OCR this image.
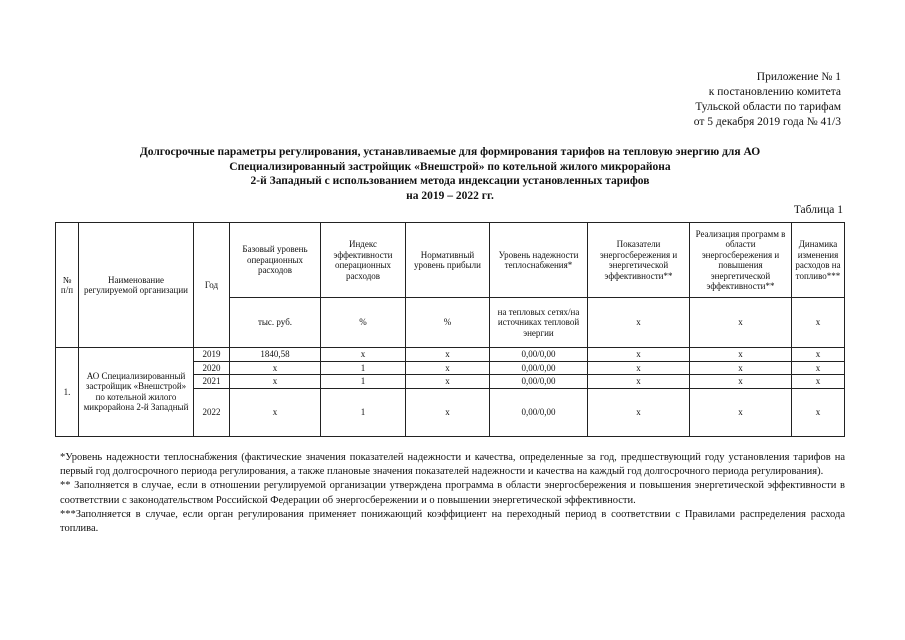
Приложение № 1
к постановлению комитета
Тульской области по тарифам
от 5 декабря 2019 года № 41/3
Долгосрочные параметры регулирования, устанавливаемые для формирования тарифов на тепловую энергию для АО
Специализированный застройщик «Внешстрой» по котельной жилого микрорайона
2-й Западный с использованием метода индексации установленных тарифов
на 2019 – 2022 гг.
Таблица 1
№ п/п	Наименование регулируемой организации	Год	Базовый уровень операционных расходов	Индекс эффективности операционных расходов	Нормативный уровень прибыли	Уровень надежности теплоснабжения*	Показатели энергосбережения и энергетической эффективности**	Реализация программ в области энергосбережения и повышения энергетической эффективности**	Динамика изменения расходов на топливо***
			тыс. руб.	%	%	на тепловых сетях/на источниках тепловой энергии	х	х	х
1.	АО Специализированный застройщик «Внешстрой» по котельной жилого микрорайона 2-й Западный	2019	1840,58	х	х	0,00/0,00	х	х	х
		2020	х	1	х	0,00/0,00	х	х	х
		2021	х	1	х	0,00/0,00	х	х	х
		2022	х	1	х	0,00/0,00	х	х	х

*Уровень надежности теплоснабжения (фактические значения показателей надежности и качества, определенные за год, предшествующий году установления тарифов на первый год долгосрочного периода регулирования, а также плановые значения показателей надежности и качества на каждый год долгосрочного периода регулирования).

** Заполняется в случае, если в отношении регулируемой организации утверждена программа в области энергосбережения и повышения энергетической эффективности в соответствии с законодательством Российской Федерации об энергосбережении и о повышении энергетической эффективности.

***Заполняется в случае, если орган регулирования применяет понижающий коэффициент на переходный период в соответствии с Правилами распределения расхода топлива.
